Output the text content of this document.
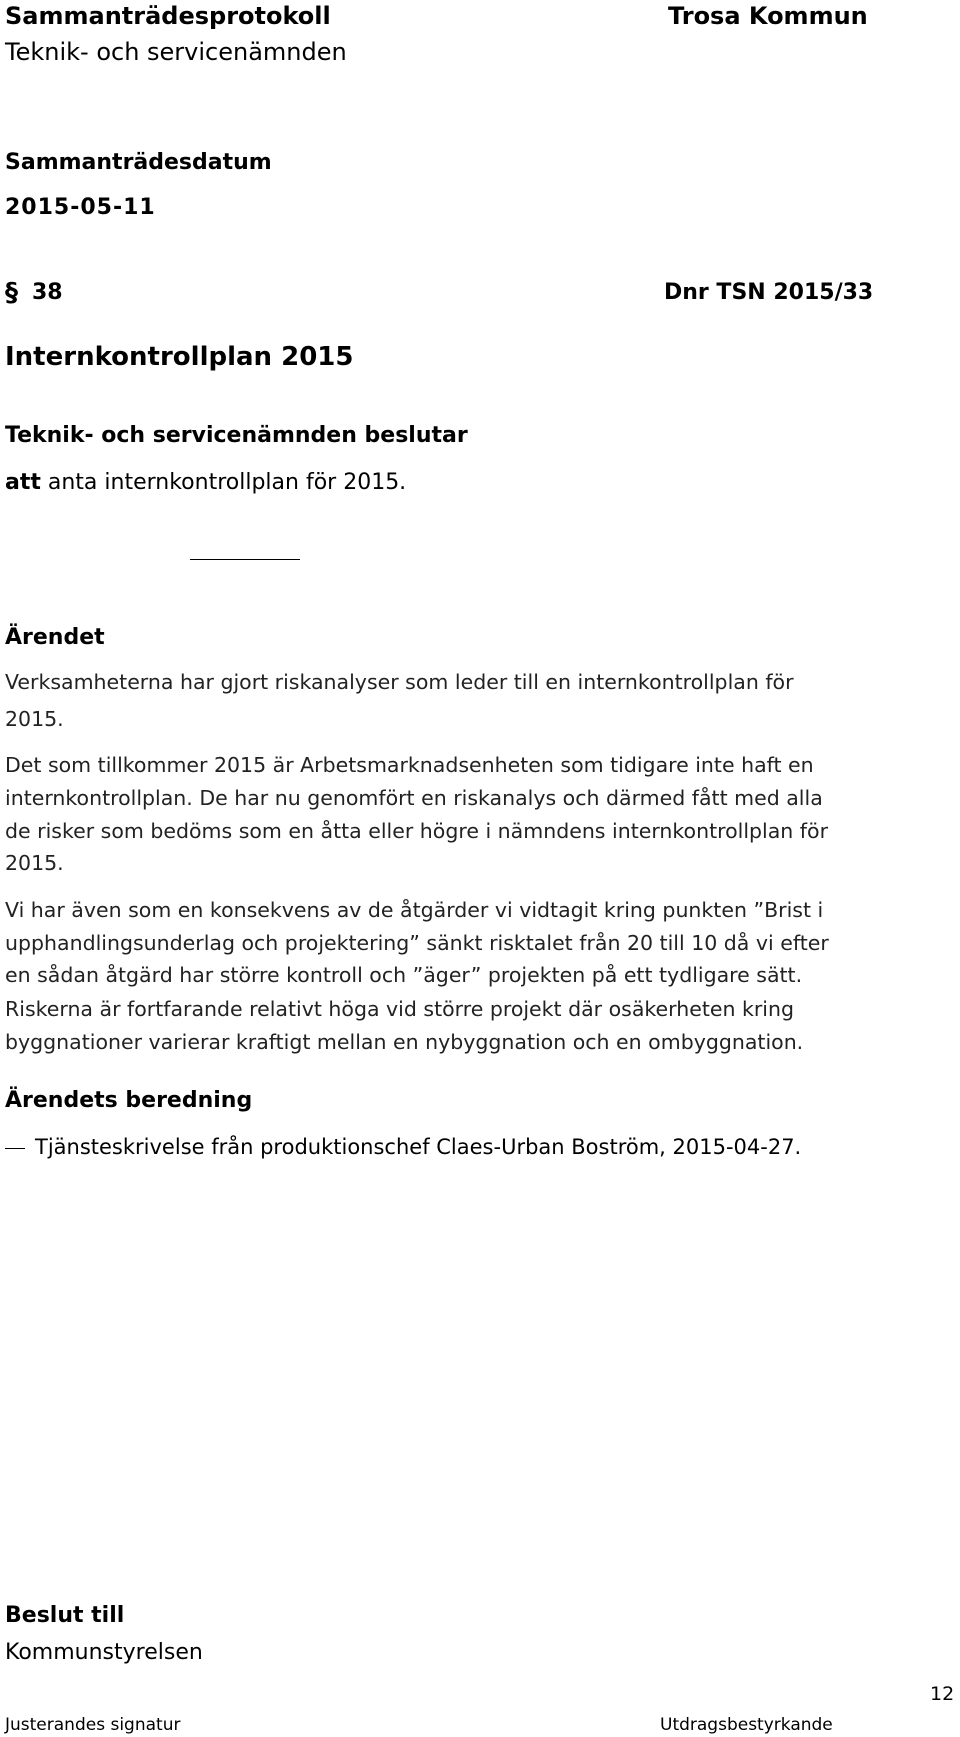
Sammanträdesprotokoll
Teknik- och servicenämnden
Trosa Kommun
Sammanträdesdatum
2015-05-11
§ 38	Dnr TSN 2015/33
Internkontrollplan 2015
Teknik- och servicenämnden beslutar
att anta internkontrollplan för 2015.
Ärendet
Verksamheterna har gjort riskanalyser som leder till en internkontrollplan för
2015.
Det som tillkommer 2015 är Arbetsmarknadsenheten som tidigare inte haft en
internkontrollplan. De har nu genomfört en riskanalys och därmed fått med alla
de risker som bedöms som en åtta eller högre i nämndens internkontrollplan för
2015.
Vi har även som en konsekvens av de åtgärder vi vidtagit kring punkten ”Brist i
upphandlingsunderlag och projektering” sänkt risktalet från 20 till 10 då vi efter
en sådan åtgärd har större kontroll och ”äger” projekten på ett tydligare sätt.
Riskerna är fortfarande relativt höga vid större projekt där osäkerheten kring
byggnationer varierar kraftigt mellan en nybyggnation och en ombyggnation.
Ärendets beredning
Tjänsteskrivelse från produktionschef Claes-Urban Boström, 2015-04-27.
Beslut till
Kommunstyrelsen
Justerandes signatur	Utdragsbestyrkande
12
